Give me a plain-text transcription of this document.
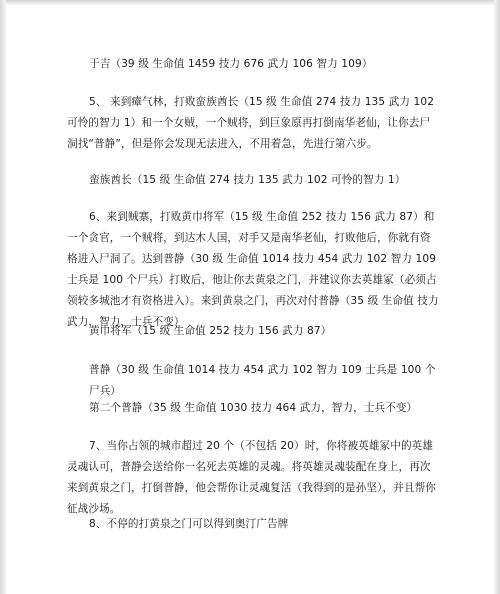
于吉（39 级 生命值 1459 技力 676 武力 106 智力 109）

5、 来到瘴气林，打败蛮族酋长（15 级 生命值 274 技力 135 武力 102 可怜的智力 1）和一个女贼，一个贼将，到巨象原再打倒南华老仙，让你去尸洞找“普静”，但是你会发现无法进入，不用着急，先进行第六步。

蛮族酋长（15 级 生命值 274 技力 135 武力 102 可怜的智力 1）

6、来到贼寨，打败黄巾将军（15 级 生命值 252 技力 156 武力 87）和一个贪官，一个贼将，到达木人国，对手又是南华老仙，打败他后，你就有资格进入尸洞了。达到普静（30 级 生命值 1014 技力 454 武力 102 智力 109 士兵是 100 个尸兵）打败后，他让你去黄泉之门，并建议你去英雄冢（必须占领较多城池才有资格进入）。来到黄泉之门，再次对付普静（35 级 生命值 技力 武力，智力，士兵不变）

黄巾将军（15 级 生命值 252 技力 156 武力 87）

普静（30 级 生命值 1014 技力 454 武力 102 智力 109 士兵是 100 个尸兵）

第二个普静（35 级 生命值 1030 技力 464 武力，智力，士兵不变）

7、当你占领的城市超过 20 个（不包括 20）时，你将被英雄冢中的英雄灵魂认可，普静会送给你一名死去英雄的灵魂。将英雄灵魂装配在身上，再次来到黄泉之门，打倒普静，他会帮你让灵魂复活（我得到的是孙坚），并且帮你征战沙场。

8、不停的打黄泉之门可以得到奥汀广告牌
